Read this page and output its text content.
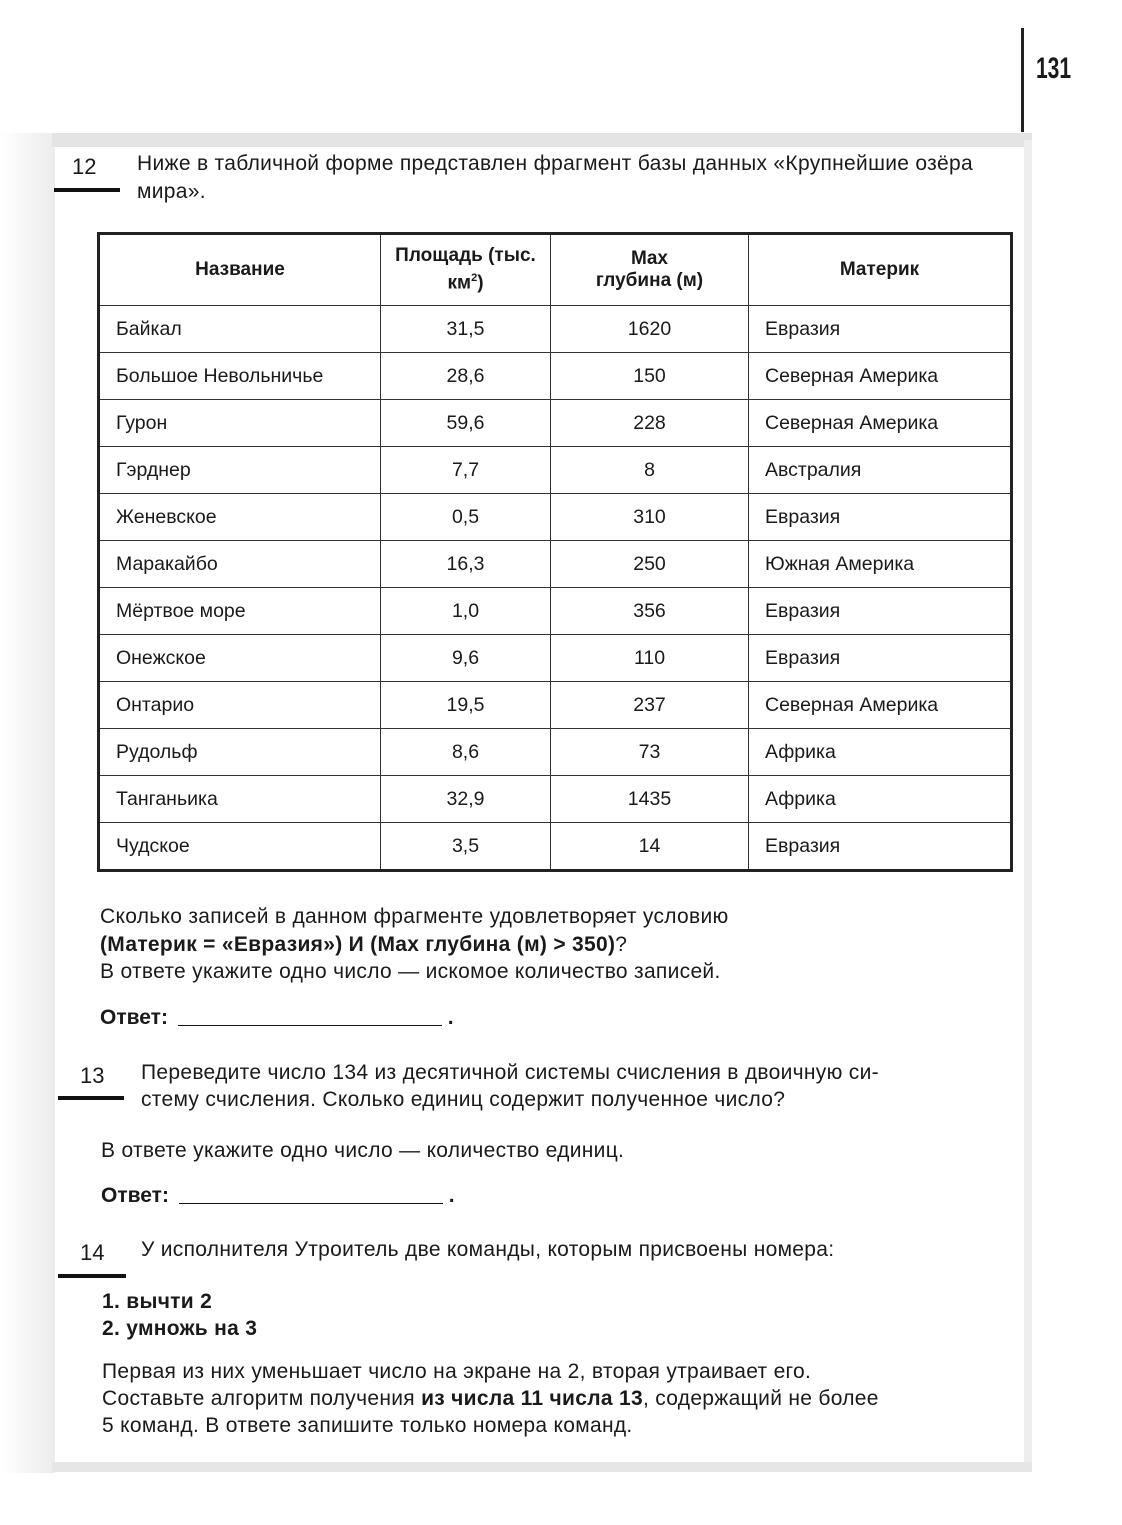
131
12 Ниже в табличной форме представлен фрагмент базы данных «Крупнейшие озёра мира».
Название	Площадь (тыс. $км^2$)	Max глубина (м)	Материк
Байкал	31,5	1620	Евразия
Большое Невольничье	28,6	150	Северная Америка
Гурон	59,6	228	Северная Америка
Гэрднер	7,7	8	Австралия
Женевское	0,5	310	Евразия
Маракайбо	16,3	250	Южная Америка
Мёртвое море	1,0	356	Евразия
Онежское	9,6	110	Евразия
Онтарио	19,5	237	Северная Америка
Рудольф	8,6	73	Африка
Танганьика	32,9	1435	Африка
Чудское	3,5	14	Евразия
Сколько записей в данном фрагменте удовлетворяет условию
(Материк = «Евразия») И (Max глубина (м) > 350)?
В ответе укажите одно число — искомое количество записей.
Ответ:	.
13 Переведите число 134 из десятичной системы счисления в двоичную си-
стему счисления. Сколько единиц содержит полученное число?
В ответе укажите одно число — количество единиц.
Ответ:	.
14 У исполнителя Утроитель две команды, которым присвоены номера:
1. вычти 2
2. умножь на 3
Первая из них уменьшает число на экране на 2, вторая утраивает его.
Составьте алгоритм получения из числа 11 числа 13, содержащий не более
5 команд. В ответе запишите только номера команд.
